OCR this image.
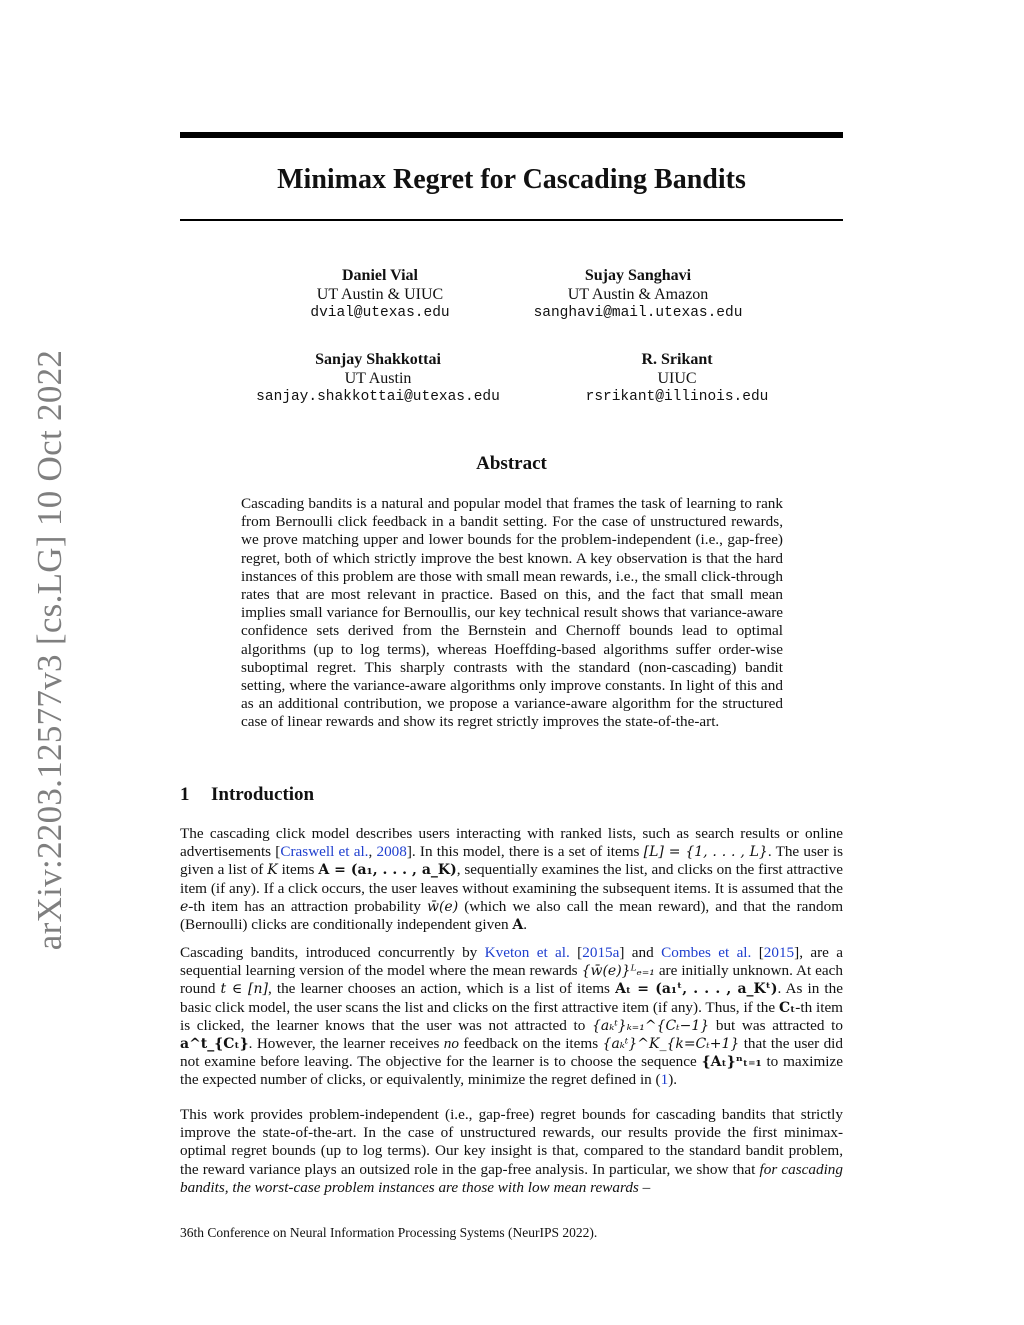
arXiv:2203.12577v3 [cs.LG] 10 Oct 2022
Minimax Regret for Cascading Bandits
Daniel Vial
UT Austin & UIUC
dvial@utexas.edu
Sujay Sanghavi
UT Austin & Amazon
sanghavi@mail.utexas.edu
Sanjay Shakkottai
UT Austin
sanjay.shakkottai@utexas.edu
R. Srikant
UIUC
rsrikant@illinois.edu
Abstract

Cascading bandits is a natural and popular model that frames the task of learning to rank from Bernoulli click feedback in a bandit setting. For the case of unstructured rewards, we prove matching upper and lower bounds for the problem-independent (i.e., gap-free) regret, both of which strictly improve the best known. A key observation is that the hard instances of this problem are those with small mean rewards, i.e., the small click-through rates that are most relevant in practice. Based on this, and the fact that small mean implies small variance for Bernoullis, our key technical result shows that variance-aware confidence sets derived from the Bernstein and Chernoff bounds lead to optimal algorithms (up to log terms), whereas Hoeffding-based algorithms suffer order-wise suboptimal regret. This sharply contrasts with the standard (non-cascading) bandit setting, where the variance-aware algorithms only improve constants. In light of this and as an additional contribution, we propose a variance-aware algorithm for the structured case of linear rewards and show its regret strictly improves the state-of-the-art.

1 Introduction

The cascading click model describes users interacting with ranked lists, such as search results or online advertisements [Craswell et al., 2008]. In this model, there is a set of items [L] = {1, . . . , L}. The user is given a list of K items A = (a₁, . . . , a_K), sequentially examines the list, and clicks on the first attractive item (if any). If a click occurs, the user leaves without examining the subsequent items. It is assumed that the e-th item has an attraction probability w̄(e) (which we also call the mean reward), and that the random (Bernoulli) clicks are conditionally independent given A.

Cascading bandits, introduced concurrently by Kveton et al. [2015a] and Combes et al. [2015], are a sequential learning version of the model where the mean rewards {w̄(e)}ᴸₑ₌₁ are initially unknown. At each round t ∈ [n], the learner chooses an action, which is a list of items Aₜ = (a₁ᵗ, . . . , a_Kᵗ). As in the basic click model, the user scans the list and clicks on the first attractive item (if any). Thus, if the Cₜ-th item is clicked, the learner knows that the user was not attracted to {aₖᵗ}ₖ₌₁^{Cₜ−1} but was attracted to a^t_{Cₜ}. However, the learner receives no feedback on the items {aₖᵗ}^K_{k=Cₜ+1} that the user did not examine before leaving. The objective for the learner is to choose the sequence {Aₜ}ⁿₜ₌₁ to maximize the expected number of clicks, or equivalently, minimize the regret defined in (1).

This work provides problem-independent (i.e., gap-free) regret bounds for cascading bandits that strictly improve the state-of-the-art. In the case of unstructured rewards, our results provide the first minimax-optimal regret bounds (up to log terms). Our key insight is that, compared to the standard bandit problem, the reward variance plays an outsized role in the gap-free analysis. In particular, we show that for cascading bandits, the worst-case problem instances are those with low mean rewards –

36th Conference on Neural Information Processing Systems (NeurIPS 2022).
